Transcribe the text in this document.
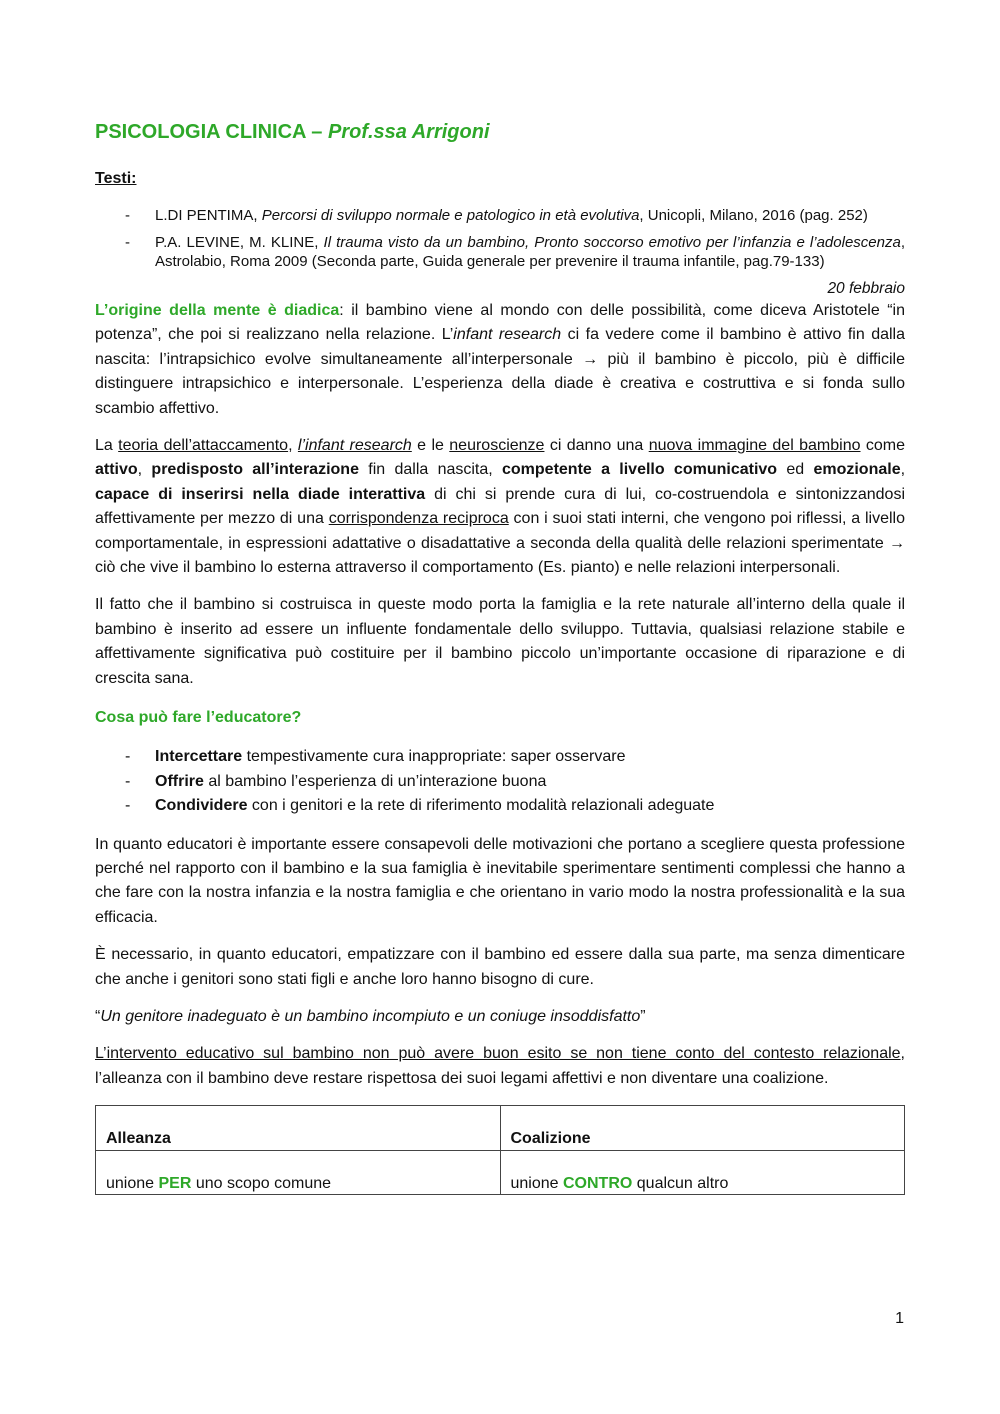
PSICOLOGIA CLINICA – Prof.ssa Arrigoni
Testi:
- L.DI PENTIMA, Percorsi di sviluppo normale e patologico in età evolutiva, Unicopli, Milano, 2016 (pag. 252)
- P.A. LEVINE, M. KLINE, Il trauma visto da un bambino, Pronto soccorso emotivo per l’infanzia e l’adolescenza, Astrolabio, Roma 2009 (Seconda parte, Guida generale per prevenire il trauma infantile, pag.79-133)
20 febbraio

L’origine della mente è diadica: il bambino viene al mondo con delle possibilità, come diceva Aristotele “in potenza”, che poi si realizzano nella relazione. L’infant research ci fa vedere come il bambino è attivo fin dalla nascita: l’intrapsichico evolve simultaneamente all’interpersonale → più il bambino è piccolo, più è difficile distinguere intrapsichico e interpersonale. L’esperienza della diade è creativa e costruttiva e si fonda sullo scambio affettivo.

La teoria dell’attaccamento, l’infant research e le neuroscienze ci danno una nuova immagine del bambino come attivo, predisposto all’interazione fin dalla nascita, competente a livello comunicativo ed emozionale, capace di inserirsi nella diade interattiva di chi si prende cura di lui, co-costruendola e sintonizzandosi affettivamente per mezzo di una corrispondenza reciproca con i suoi stati interni, che vengono poi riflessi, a livello comportamentale, in espressioni adattative o disadattative a seconda della qualità delle relazioni sperimentate → ciò che vive il bambino lo esterna attraverso il comportamento (Es. pianto) e nelle relazioni interpersonali.

Il fatto che il bambino si costruisca in queste modo porta la famiglia e la rete naturale all’interno della quale il bambino è inserito ad essere un influente fondamentale dello sviluppo. Tuttavia, qualsiasi relazione stabile e affettivamente significativa può costituire per il bambino piccolo un’importante occasione di riparazione e di crescita sana.

Cosa può fare l’educatore?
- Intercettare tempestivamente cura inappropriate: saper osservare
- Offrire al bambino l’esperienza di un’interazione buona
- Condividere con i genitori e la rete di riferimento modalità relazionali adeguate

In quanto educatori è importante essere consapevoli delle motivazioni che portano a scegliere questa professione perché nel rapporto con il bambino e la sua famiglia è inevitabile sperimentare sentimenti complessi che hanno a che fare con la nostra infanzia e la nostra famiglia e che orientano in vario modo la nostra professionalità e la sua efficacia.

È necessario, in quanto educatori, empatizzare con il bambino ed essere dalla sua parte, ma senza dimenticare che anche i genitori sono stati figli e anche loro hanno bisogno di cure.

“Un genitore inadeguato è un bambino incompiuto e un coniuge insoddisfatto”

L’intervento educativo sul bambino non può avere buon esito se non tiene conto del contesto relazionale, l’alleanza con il bambino deve restare rispettosa dei suoi legami affettivi e non diventare una coalizione.

Alleanza	Coalizione
unione PER uno scopo comune	unione CONTRO qualcun altro
1
